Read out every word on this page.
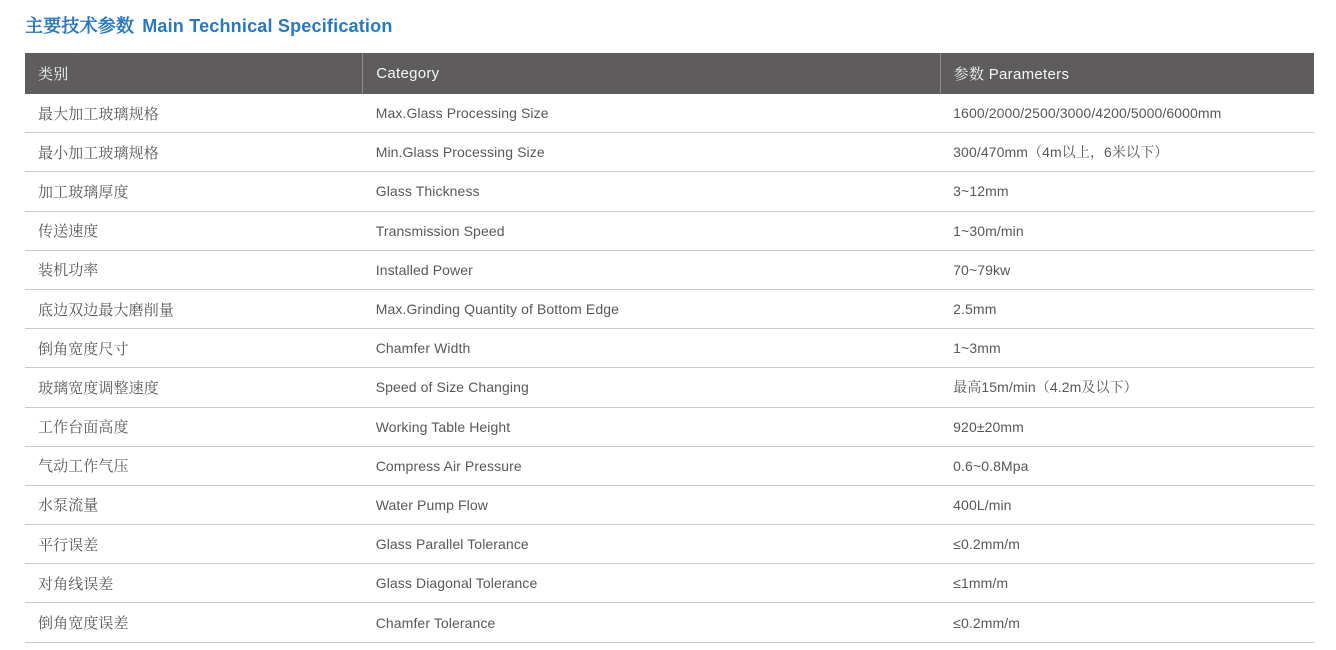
主要技术参数 Main Technical Specification
类别	Category	参数 Parameters
最大加工玻璃规格	Max.Glass Processing Size	1600/2000/2500/3000/4200/5000/6000mm
最小加工玻璃规格	Min.Glass Processing Size	300/470mm（4m以上，6米以下）
加工玻璃厚度	Glass Thickness	3~12mm
传送速度	Transmission Speed	1~30m/min
装机功率	Installed Power	70~79kw
底边双边最大磨削量	Max.Grinding Quantity of Bottom Edge	2.5mm
倒角宽度尺寸	Chamfer Width	1~3mm
玻璃宽度调整速度	Speed of Size Changing	最高15m/min（4.2m及以下）
工作台面高度	Working Table Height	920±20mm
气动工作气压	Compress Air Pressure	0.6~0.8Mpa
水泵流量	Water Pump Flow	400L/min
平行误差	Glass Parallel Tolerance	≤0.2mm/m
对角线误差	Glass Diagonal Tolerance	≤1mm/m
倒角宽度误差	Chamfer Tolerance	≤0.2mm/m
